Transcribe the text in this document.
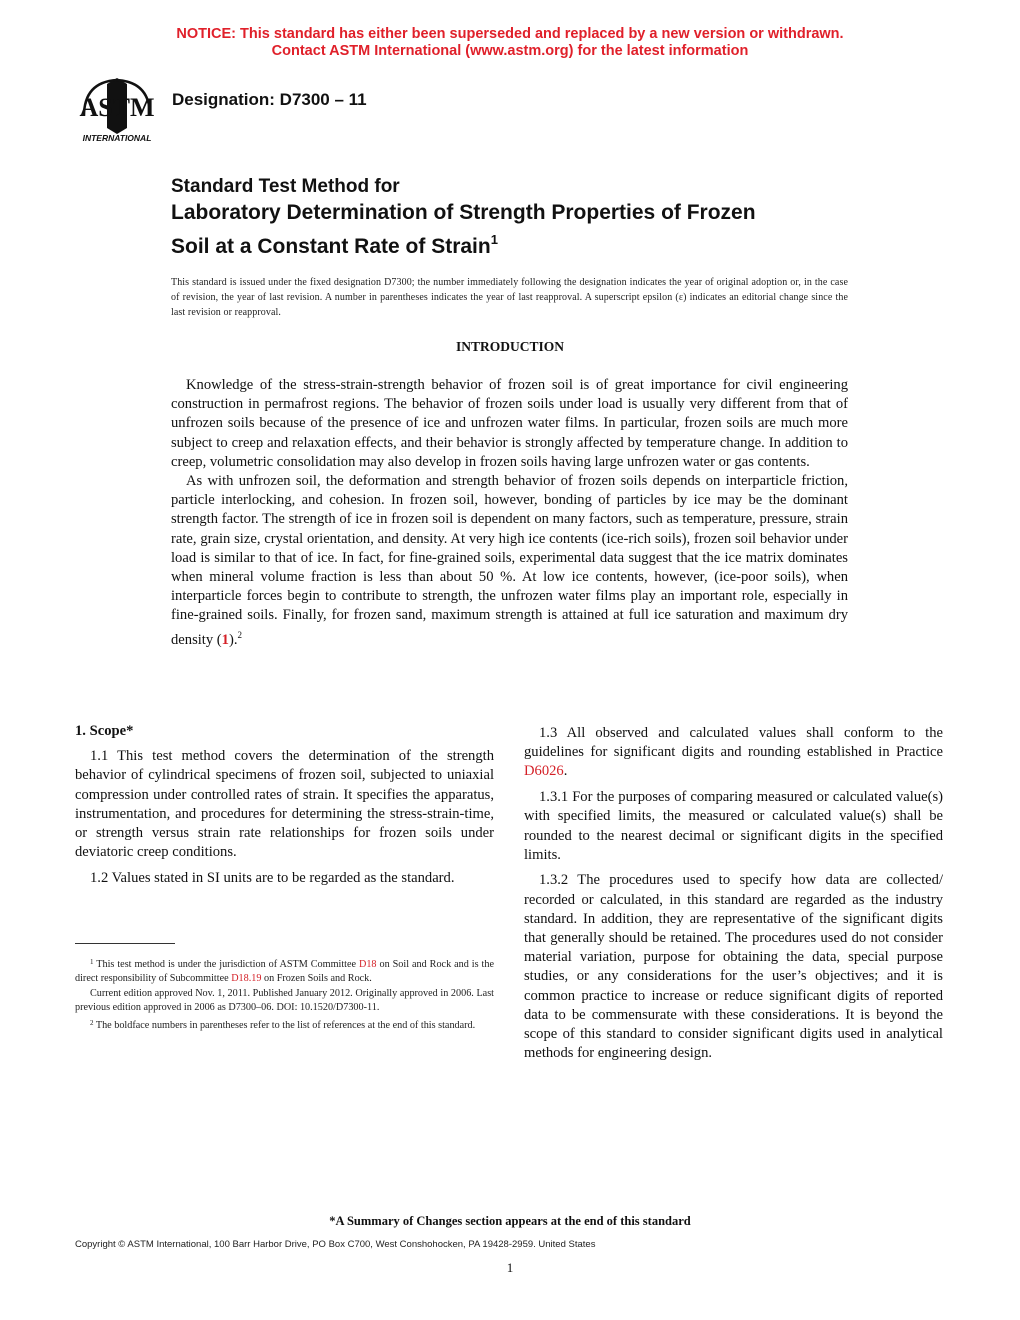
NOTICE: This standard has either been superseded and replaced by a new version or withdrawn.
Contact ASTM International (www.astm.org) for the latest information
ASTM
INTERNATIONAL
Designation: D7300 – 11
Standard Test Method for
Laboratory Determination of Strength Properties of Frozen
Soil at a Constant Rate of Strain$^1$
This standard is issued under the fixed designation D7300; the number immediately following the designation indicates the year of original adoption or, in the case of revision, the year of last revision. A number in parentheses indicates the year of last reapproval. A superscript epsilon (ε) indicates an editorial change since the last revision or reapproval.
INTRODUCTION

Knowledge of the stress-strain-strength behavior of frozen soil is of great importance for civil engineering construction in permafrost regions. The behavior of frozen soils under load is usually very different from that of unfrozen soils because of the presence of ice and unfrozen water films. In particular, frozen soils are much more subject to creep and relaxation effects, and their behavior is strongly affected by temperature change. In addition to creep, volumetric consolidation may also develop in frozen soils having large unfrozen water or gas contents.

As with unfrozen soil, the deformation and strength behavior of frozen soils depends on interparticle friction, particle interlocking, and cohesion. In frozen soil, however, bonding of particles by ice may be the dominant strength factor. The strength of ice in frozen soil is dependent on many factors, such as temperature, pressure, strain rate, grain size, crystal orientation, and density. At very high ice contents (ice-rich soils), frozen soil behavior under load is similar to that of ice. In fact, for fine-grained soils, experimental data suggest that the ice matrix dominates when mineral volume fraction is less than about 50 %. At low ice contents, however, (ice-poor soils), when interparticle forces begin to contribute to strength, the unfrozen water films play an important role, especially in fine-grained soils. Finally, for frozen sand, maximum strength is attained at full ice saturation and maximum dry density (1).$^2$

1. Scope*

1.1 This test method covers the determination of the strength behavior of cylindrical specimens of frozen soil, subjected to uniaxial compression under controlled rates of strain. It specifies the apparatus, instrumentation, and procedures for determining the stress-strain-time, or strength versus strain rate relationships for frozen soils under deviatoric creep conditions.

1.2 Values stated in SI units are to be regarded as the standard.

1.3 All observed and calculated values shall conform to the guidelines for significant digits and rounding established in Practice D6026.

1.3.1 For the purposes of comparing measured or calculated value(s) with specified limits, the measured or calculated value(s) shall be rounded to the nearest decimal or significant digits in the specified limits.

1.3.2 The procedures used to specify how data are collected/ recorded or calculated, in this standard are regarded as the industry standard. In addition, they are representative of the significant digits that generally should be retained. The procedures used do not consider material variation, purpose for obtaining the data, special purpose studies, or any considerations for the user’s objectives; and it is common practice to increase or reduce significant digits of reported data to be commensurate with these considerations. It is beyond the scope of this standard to consider significant digits used in analytical methods for engineering design.

$^1$ This test method is under the jurisdiction of ASTM Committee D18 on Soil and Rock and is the direct responsibility of Subcommittee D18.19 on Frozen Soils and Rock.

Current edition approved Nov. 1, 2011. Published January 2012. Originally approved in 2006. Last previous edition approved in 2006 as D7300–06. DOI: 10.1520/D7300-11.

$^2$ The boldface numbers in parentheses refer to the list of references at the end of this standard.

*A Summary of Changes section appears at the end of this standard
Copyright © ASTM International, 100 Barr Harbor Drive, PO Box C700, West Conshohocken, PA 19428-2959. United States
1
